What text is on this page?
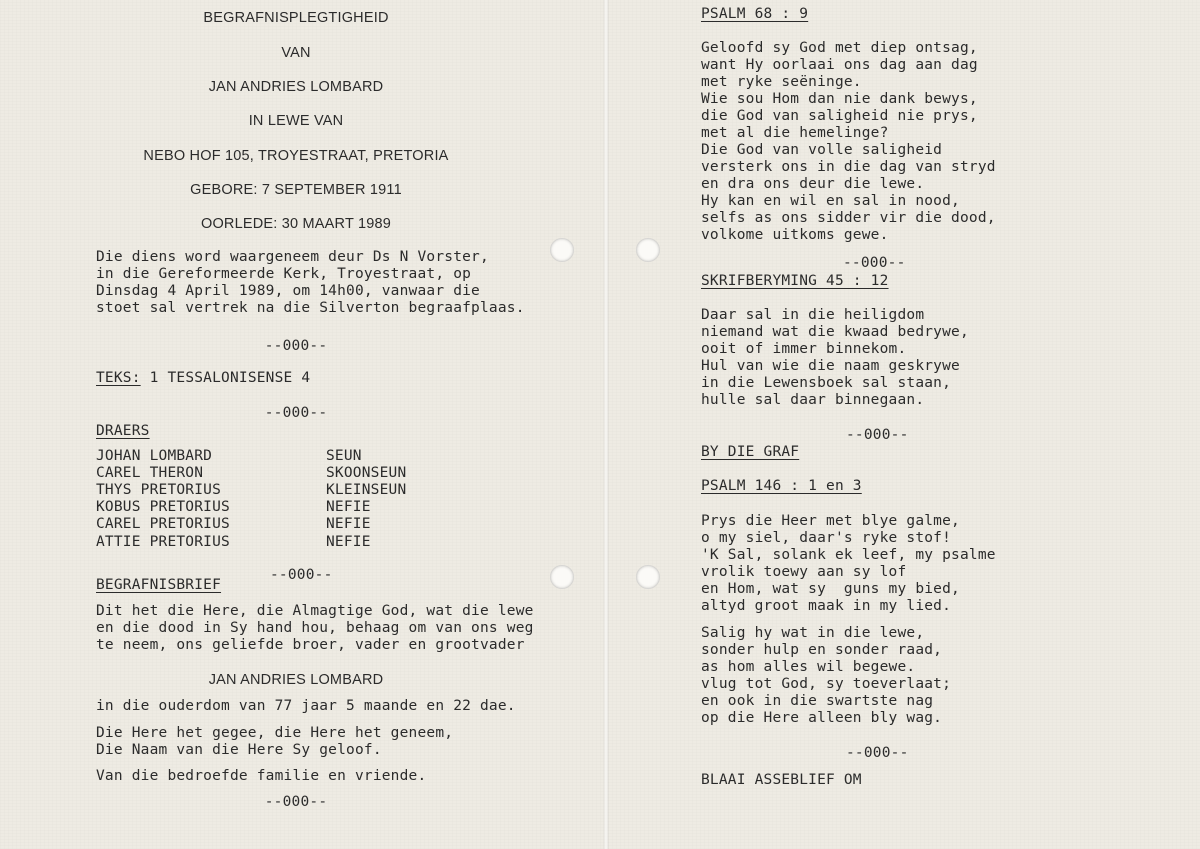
BEGRAFNISPLEGTIGHEID
VAN
JAN ANDRIES LOMBARD
IN LEWE VAN
NEBO HOF 105, TROYESTRAAT, PRETORIA
GEBORE: 7 SEPTEMBER 1911
OORLEDE: 30 MAART 1989
Die diens word waargeneem deur Ds N Vorster,
in die Gereformeerde Kerk, Troyestraat, op
Dinsdag 4 April 1989, om 14h00, vanwaar die
stoet sal vertrek na die Silverton begraafplaas.
--000--
TEKS: 1 TESSALONISENSE 4
--000--
DRAERS
JOHAN LOMBARD	SEUN
CAREL THERON	SKOONSEUN
THYS PRETORIUS	KLEINSEUN
KOBUS PRETORIUS	NEFIE
CAREL PRETORIUS	NEFIE
ATTIE PRETORIUS	NEFIE
--000--
BEGRAFNISBRIEF
Dit het die Here, die Almagtige God, wat die lewe
en die dood in Sy hand hou, behaag om van ons weg
te neem, ons geliefde broer, vader en grootvader
JAN ANDRIES LOMBARD
in die ouderdom van 77 jaar 5 maande en 22 dae.
Die Here het gegee, die Here het geneem,
Die Naam van die Here Sy geloof.
Van die bedroefde familie en vriende.
--000--
PSALM 68 : 9
Geloofd sy God met diep ontsag,
want Hy oorlaai ons dag aan dag
met ryke seëninge.
Wie sou Hom dan nie dank bewys,
die God van saligheid nie prys,
met al die hemelinge?
Die God van volle saligheid
versterk ons in die dag van stryd
en dra ons deur die lewe.
Hy kan en wil en sal in nood,
selfs as ons sidder vir die dood,
volkome uitkoms gewe.
--000--
SKRIFBERYMING 45 : 12
Daar sal in die heiligdom
niemand wat die kwaad bedrywe,
ooit of immer binnekom.
Hul van wie die naam geskrywe
in die Lewensboek sal staan,
hulle sal daar binnegaan.
--000--
BY DIE GRAF
PSALM 146 : 1 en 3
Prys die Heer met blye galme,
o my siel, daar's ryke stof!
'K Sal, solank ek leef, my psalme
vrolik toewy aan sy lof
en Hom, wat sy  guns my bied,
altyd groot maak in my lied.
Salig hy wat in die lewe,
sonder hulp en sonder raad,
as hom alles wil begewe.
vlug tot God, sy toeverlaat;
en ook in die swartste nag
op die Here alleen bly wag.
--000--
BLAAI ASSEBLIEF OM
